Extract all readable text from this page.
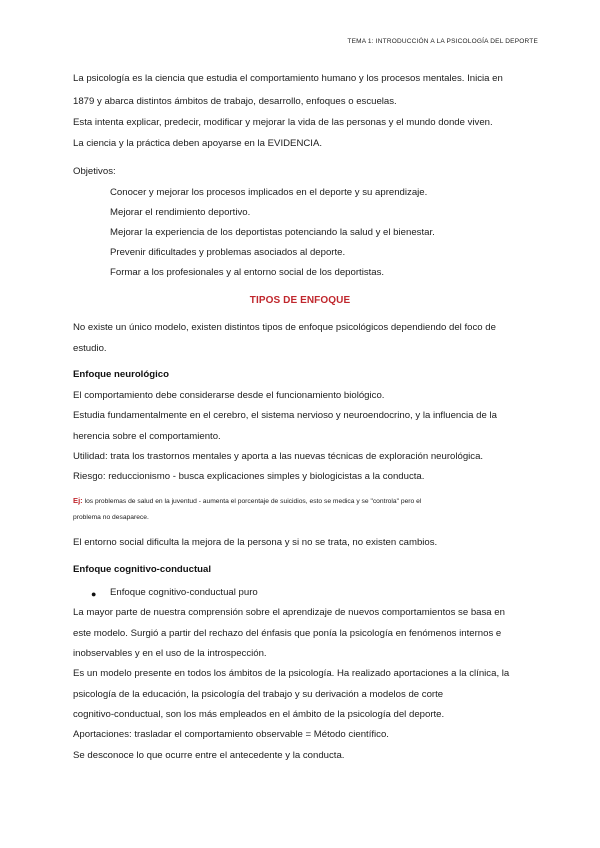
TEMA 1: INTRODUCCIÓN A LA PSICOLOGÍA DEL DEPORTE
La psicología es la ciencia que estudia el comportamiento humano y los procesos mentales. Inicia en
1879 y abarca distintos ámbitos de trabajo, desarrollo, enfoques o escuelas.
Esta intenta explicar, predecir, modificar y mejorar la vida de las personas y el mundo donde viven.
La ciencia y la práctica deben apoyarse en la EVIDENCIA.
Objetivos:
Conocer y mejorar los procesos implicados en el deporte y su aprendizaje.
Mejorar el rendimiento deportivo.
Mejorar la experiencia de los deportistas potenciando la salud y el bienestar.
Prevenir dificultades y problemas asociados al deporte.
Formar a los profesionales y al entorno social de los deportistas.
TIPOS DE ENFOQUE
No existe un único modelo, existen distintos tipos de enfoque psicológicos dependiendo del foco de
estudio.
Enfoque neurológico
El comportamiento debe considerarse desde el funcionamiento biológico.
Estudia fundamentalmente en el cerebro, el sistema nervioso y neuroendocrino, y la influencia de la
herencia sobre el comportamiento.
Utilidad: trata los trastornos mentales y aporta a las nuevas técnicas de exploración neurológica.
Riesgo: reduccionismo - busca explicaciones simples y biologicistas a la conducta.
Ej: los problemas de salud en la juventud - aumenta el porcentaje de suicidios, esto se medica y se "controla" pero el
problema no desaparece.
El entorno social dificulta la mejora de la persona y si no se trata, no existen cambios.
Enfoque cognitivo-conductual
● Enfoque cognitivo-conductual puro
La mayor parte de nuestra comprensión sobre el aprendizaje de nuevos comportamientos se basa en
este modelo. Surgió a partir del rechazo del énfasis que ponía la psicología en fenómenos internos e
inobservables y en el uso de la introspección.
Es un modelo presente en todos los ámbitos de la psicología. Ha realizado aportaciones a la clínica, la
psicología de la educación, la psicología del trabajo y su derivación a modelos de corte
cognitivo-conductual, son los más empleados en el ámbito de la psicología del deporte.
Aportaciones: trasladar el comportamiento observable = Método científico.
Se desconoce lo que ocurre entre el antecedente y la conducta.
